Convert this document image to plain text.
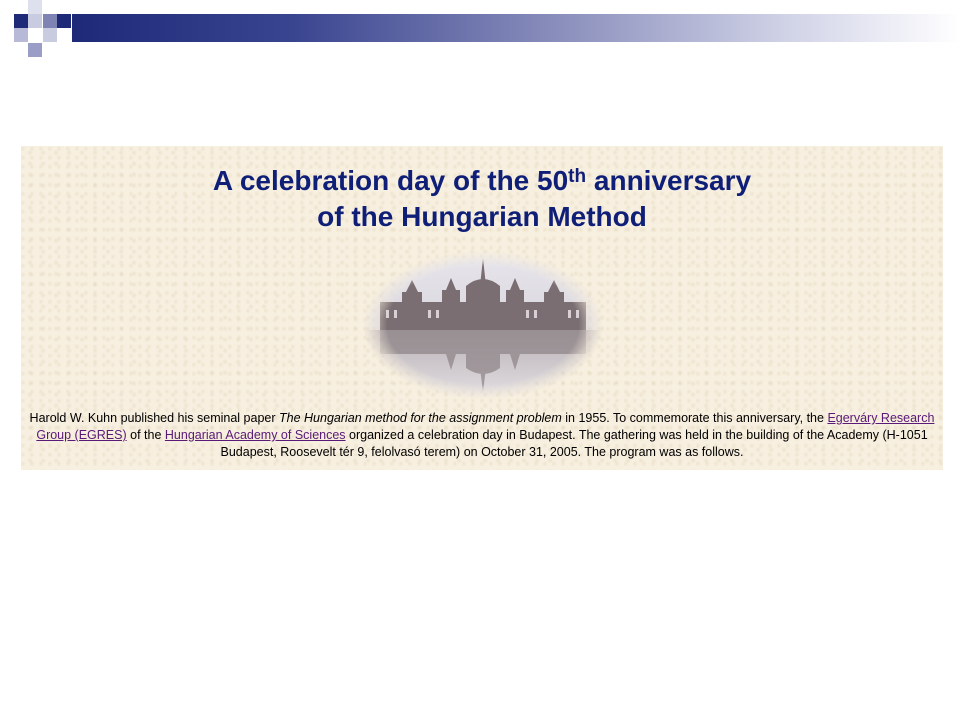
A celebration day of the 50th anniversary
of the Hungarian Method
Harold W. Kuhn published his seminal paper The Hungarian method for the assignment problem in 1955. To commemorate this anniversary, the Egerváry Research Group (EGRES) of the Hungarian Academy of Sciences organized a celebration day in Budapest. The gathering was held in the building of the Academy (H-1051 Budapest, Roosevelt tér 9, felolvasó terem) on October 31, 2005. The program was as follows.
